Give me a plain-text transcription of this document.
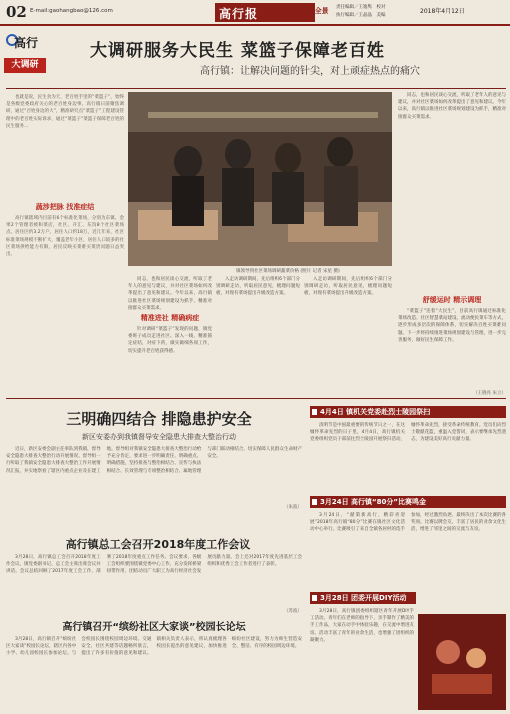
02 E-mail:gaohangbao@126.com	高行报	·全景 责任编辑／王逸隽　校对
执行编辑／王晶晶　美编
2018年4月12日
高行
大调研
大调研服务大民生 菜篮子保障老百姓
高行镇：让解决问题的针尖，对上顽症热点的痛穴

也就是说，民生食为天，老百姓手里的“菜篮子”，始终是各级党委政府关心的老百姓身边事。高行镇日前聚焦调研，通过“百姓身边的大”，精准研究点“菜篮子”工程建设管理中的老百姓实际诉求，通过“菜篮子”菜篮子保障老百姓的民生服务...

蔬涉把脉 找准症结

高行镇辖域内目前有6个标准化菜场，分别为东镇、金果2个管理者被和菜店，社区、开汇、东沟8个社区菜场点。居住区约3.2万户，居住人口约18万，近几年来，社区标准菜场规模不断扩大，覆盖老年小区，居住人口较多的社区菜场供给能力有限，居民反映买菜难买菜贵问题日益突出。

镇领导到社区菜场调研蔬菜价格 (照片 记者 宋星 摄)

同志，也和居民谈心交流，听取了老年人的意见与建议，并对社区菜场如何改革提出了意见和建议。今年以来，高行镇以推进社区菜场规划建设为抓手，精准对接群众买菜需求。

精准进社 精确病症

针对调研“菜篮子”发现的问题，镇党委班子成员走进社区、深入一线，精准锚定症结，对症下药，做实做细各项工作，切实提升老百姓获得感。

入走访调研期间，先后组织6个部门分别调研走访，听取居民意见，梳理问题短板，对现有菜场提出升级改造方案。

同志，也和居民谈心交流，听取了老年人的意见与建议，并对社区菜场如何改革提出了意见和建议。今年以来，高行镇以推进社区菜场规划建设为抓手，精准对接群众买菜需求。

入走访调研期间，先后组织6个部门分别调研走访，听取居民意见，梳理问题短板，对现有菜场提出升级改造方案。

舒缓运时 精示调理

“菜篮子”连着“大民生”，目前高行镇通过标准化菜场改造、社区智慧菜站建设、流动便民菜车等方式，逐步形成多层次的保障体系，切实解决百姓买菜难问题。下一步将持续推进菜场规划建设与管理，进一步完善服务，做好民生保障工作。

（王晓亮 朱立）
三明确四结合 排隐患护安全
新区安委办到我镇督导安全隐患大排查大整治行动

近日，新区安委会副主任率队到我镇，督导安全隐患大排查大整治行动开展情况。督导组一行听取了我镇安全隐患大排查大整治工作开展情况汇报，并实地察看了辖区内重点企业及在建工地。督导组对我镇安全隐患大排查大整治行动给予充分肯定，要求进一步明确责任、明确重点、明确措施，坚持排查与整治相结合、宣传与执法相结合、长效管理与专项整治相结合、属地管理与部门联动相结合，切实保障人民群众生命财产安全。

（朱波）
高行镇总工会召开2018年度工作会议

3月28日，高行镇总工会召开2018年度工作会议。镇党委副书记、总工会主席出席会议并讲话。会议总结回顾了2017年度工会工作，部署了2018年度重点工作任务。会议要求，各级工会组织要围绕镇党委中心工作，充分发挥桥梁纽带作用，团结动员广大职工为高行经济社会发展贡献力量。会上还对2017年度先进基层工会组织和优秀工会工作者进行了表彰。

（苏波）
高行镇召开“缤纷社区大家谈”校园长论坛

3月28日，高行镇召开“缤纷社区大家谈”校园长论坛，辖区内各中小学、幼儿园校园长参加论坛。与会校园长围绕校园周边环境、交通安全、社区共建等话题畅所欲言，提出了许多有价值的意见和建议。镇相关负责人表示，将认真梳理各校园长提出的意见建议，加快推进缤纷社区建设，努力为师生营造安全、整洁、有序的校园周边环境。

4月4日 镇机关党委赴烈士陵园祭扫

清明节是中国最重要的传统节日之一，在这缅怀革命先烈的日子里，4月4日，高行镇机关党委组织党员干部前往烈士陵园开展祭扫活动，缅怀革命先烈，接受革命传统教育。党员们向烈士敬献花篮，重温入党誓词，表示要继承先烈遗志，为建设美好高行贡献力量。

3月24日 高行镇“80分”比赛鸣金

3月24日，“献策新高行，精彩喜迎展”2018年高行镇“80分”比赛在镇社区文化活动中心举行。比赛吸引了来自全镇各居村的选手参加，经过激烈角逐，最终决出了本次比赛的各奖项。比赛以牌会友，丰富了居民的业余文化生活，增进了邻里之间的交流与友谊。

3月28日 团委开展DIY活动

3月28日，高行镇团委组织辖区青年开展DIY手工活动。青年们在老师的指导下，亲手制作了精美的手工作品，大家在动手中体验乐趣，在交流中增进友谊。活动丰富了青年的业余生活，也增强了团组织的凝聚力。
